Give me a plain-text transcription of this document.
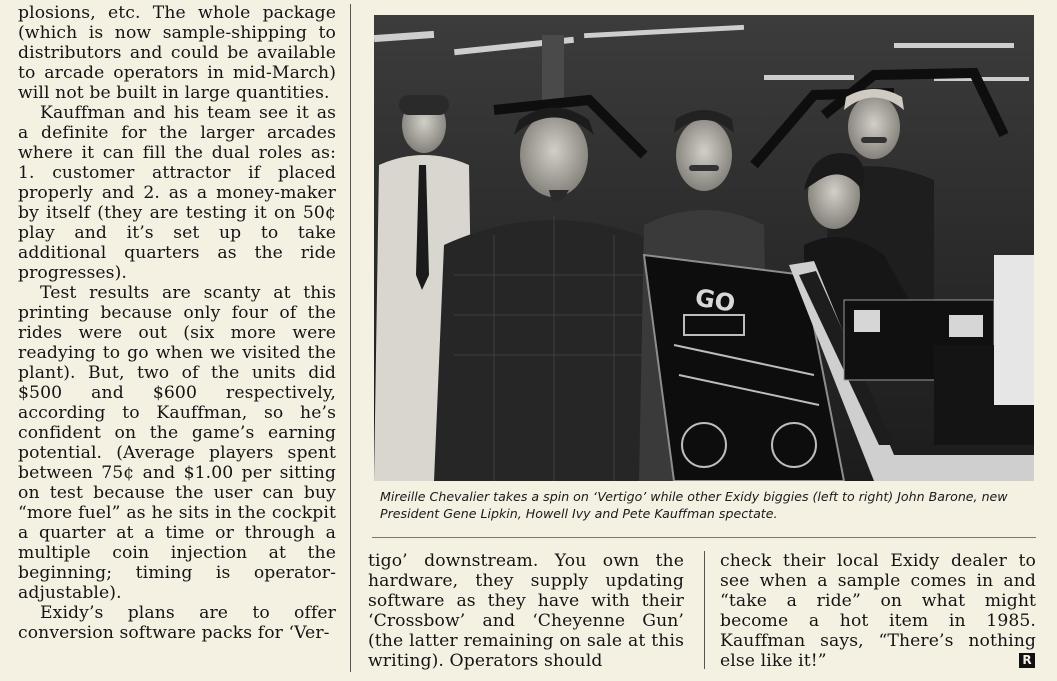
plosions, etc. The whole package (which is now sample-shipping to distributors and could be available to arcade operators in mid-March) will not be built in large quantities.

Kauffman and his team see it as a definite for the larger arcades where it can fill the dual roles as: 1. customer attractor if placed properly and 2. as a money-maker by itself (they are testing it on 50¢ play and it’s set up to take additional quarters as the ride progresses).

Test results are scanty at this printing because only four of the rides were out (six more were readying to go when we visited the plant). But, two of the units did $500 and $600 respectively, according to Kauffman, so he’s confident on the game’s earning potential. (Average players spent between 75¢ and $1.00 per sitting on test because the user can buy “more fuel” as he sits in the cockpit a quarter at a time or through a multiple coin injection at the beginning; timing is operator-adjustable).

Exidy’s plans are to offer conversion software packs for ‘Ver-

GO
Mireille Chevalier takes a spin on ‘Vertigo’ while other Exidy biggies (left to right) John Barone, new President Gene Lipkin, Howell Ivy and Pete Kauffman spectate.

tigo’ downstream. You own the hardware, they supply updating software as they have with their ‘Crossbow’ and ‘Cheyenne Gun’ (the latter remaining on sale at this writing). Operators should

check their local Exidy dealer to see when a sample comes in and “take a ride” on what might become a hot item in 1985. Kauffman says, “There’s nothing else like it!”	R
